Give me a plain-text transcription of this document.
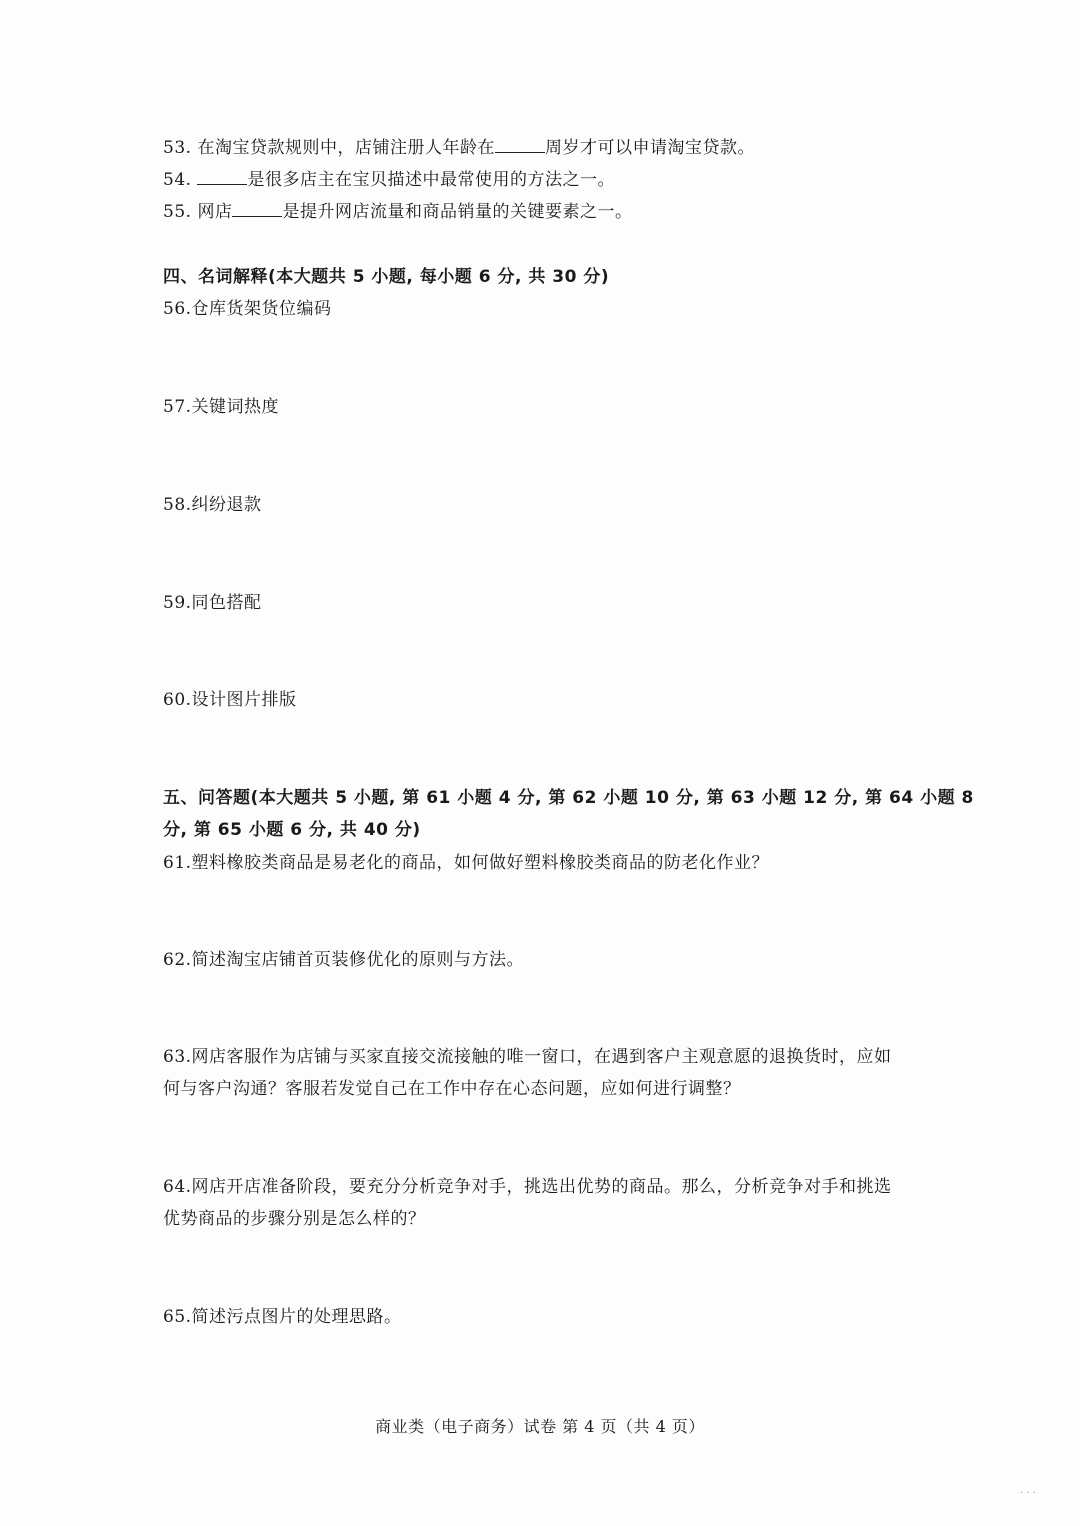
53. 在淘宝贷款规则中，店铺注册人年龄在	周岁才可以申请淘宝贷款。
54.	是很多店主在宝贝描述中最常使用的方法之一。
55. 网店	是提升网店流量和商品销量的关键要素之一。
四、名词解释(本大题共 5 小题, 每小题 6 分, 共 30 分)
56.仓库货架货位编码
57.关键词热度
58.纠纷退款
59.同色搭配
60.设计图片排版
五、问答题(本大题共 5 小题, 第 61 小题 4 分, 第 62 小题 10 分, 第 63 小题 12 分, 第 64 小题 8
分, 第 65 小题 6 分, 共 40 分)
61.塑料橡胶类商品是易老化的商品，如何做好塑料橡胶类商品的防老化作业？
62.简述淘宝店铺首页装修优化的原则与方法。
63.网店客服作为店铺与买家直接交流接触的唯一窗口，在遇到客户主观意愿的退换货时，应如
何与客户沟通？客服若发觉自己在工作中存在心态问题，应如何进行调整？
64.网店开店准备阶段，要充分分析竞争对手，挑选出优势的商品。那么，分析竞争对手和挑选
优势商品的步骤分别是怎么样的？
65.简述污点图片的处理思路。
商业类（电子商务）试卷 第 4 页（共 4 页）
· · ·
